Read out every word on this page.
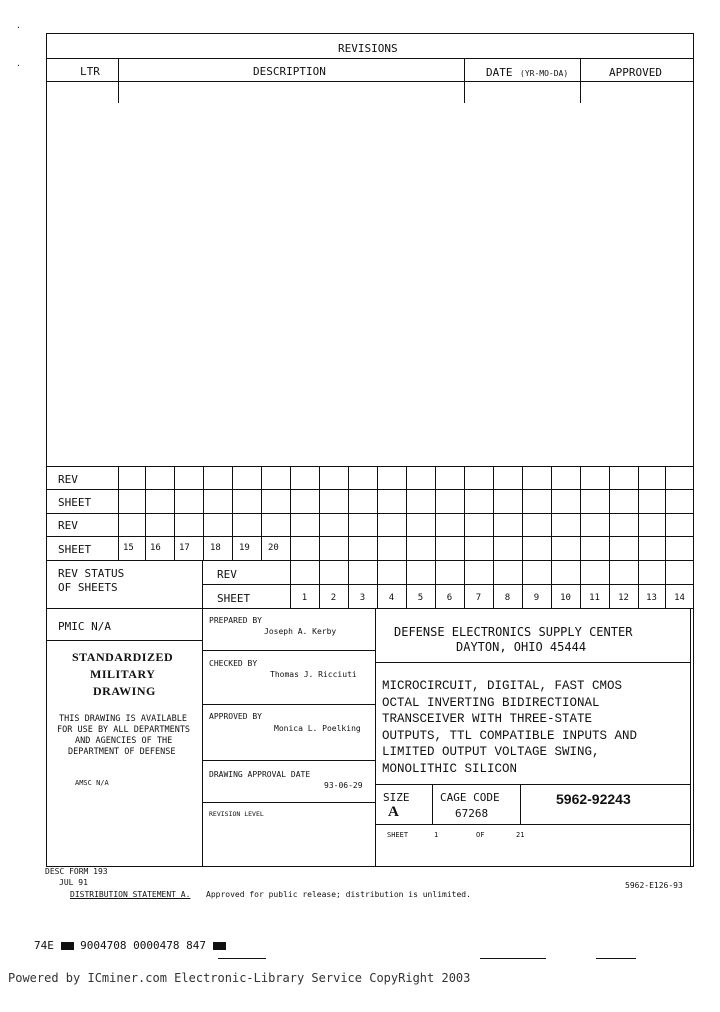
·
·
REVISIONS
LTR	DESCRIPTION	DATE (YR-MO-DA)	APPROVED
REV
SHEET
REV
SHEET	15 16 17 18 19 20
REV STATUS
OF SHEETS
REV
SHEET	1	2	3	4	5	6	7	8	9	10	11	12	13	14
PMIC N/A
STANDARDIZED
MILITARY
DRAWING
THIS DRAWING IS AVAILABLE
FOR USE BY ALL DEPARTMENTS
AND AGENCIES OF THE
DEPARTMENT OF DEFENSE
AMSC N/A
PREPARED BY
Joseph A. Kerby
CHECKED BY
Thomas J. Ricciuti
APPROVED BY
Monica L. Poelking
DRAWING APPROVAL DATE
93-06-29
REVISION LEVEL
DEFENSE ELECTRONICS SUPPLY CENTER
DAYTON, OHIO 45444
MICROCIRCUIT, DIGITAL, FAST CMOS
OCTAL INVERTING BIDIRECTIONAL
TRANSCEIVER WITH THREE-STATE
OUTPUTS, TTL COMPATIBLE INPUTS AND
LIMITED OUTPUT VOLTAGE SWING,
MONOLITHIC SILICON
SIZE
A
CAGE CODE
67268
5962-92243
SHEET	1	OF	21
DESC FORM 193
JUL 91
DISTRIBUTION STATEMENT A. Approved for public release; distribution is unlimited.
5962-E126-93
74E 9004708 0000478 847
Powered by ICminer.com Electronic-Library Service CopyRight 2003
